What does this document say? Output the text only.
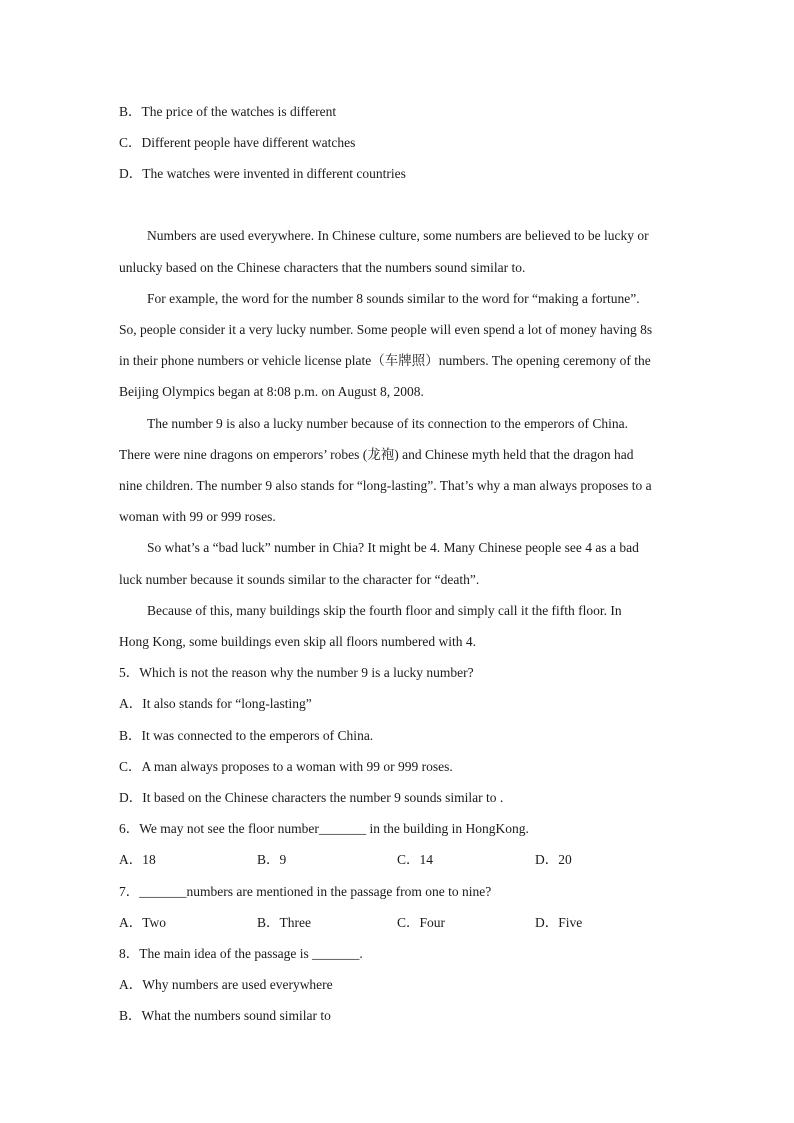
B．The price of the watches is different
C．Different people have different watches
D．The watches were invented in different countries
Numbers are used everywhere. In Chinese culture, some numbers are believed to be lucky or
unlucky based on the Chinese characters that the numbers sound similar to.
For example, the word for the number 8 sounds similar to the word for “making a fortune”.
So, people consider it a very lucky number. Some people will even spend a lot of money having 8s
in their phone numbers or vehicle license plate（车牌照）numbers. The opening ceremony of the
Beijing Olympics began at 8:08 p.m. on August 8, 2008.
The number 9 is also a lucky number because of its connection to the emperors of China.
There were nine dragons on emperors’ robes (龙袍) and Chinese myth held that the dragon had
nine children. The number 9 also stands for “long-lasting”. That’s why a man always proposes to a
woman with 99 or 999 roses.
So what’s a “bad luck” number in Chia? It might be 4. Many Chinese people see 4 as a bad
luck number because it sounds similar to the character for “death”.
Because of this, many buildings skip the fourth floor and simply call it the fifth floor. In
Hong Kong, some buildings even skip all floors numbered with 4.
5．Which is not the reason why the number 9 is a lucky number?
A．It also stands for “long-lasting”
B．It was connected to the emperors of China.
C．A man always proposes to a woman with 99 or 999 roses.
D．It based on the Chinese characters the number 9 sounds similar to .
6．We may not see the floor number_______ in the building in HongKong.
A．18	B．9	C．14	D．20
7．_______numbers are mentioned in the passage from one to nine?
A．Two	B．Three	C．Four	D．Five
8．The main idea of the passage is _______.
A．Why numbers are used everywhere
B．What the numbers sound similar to
